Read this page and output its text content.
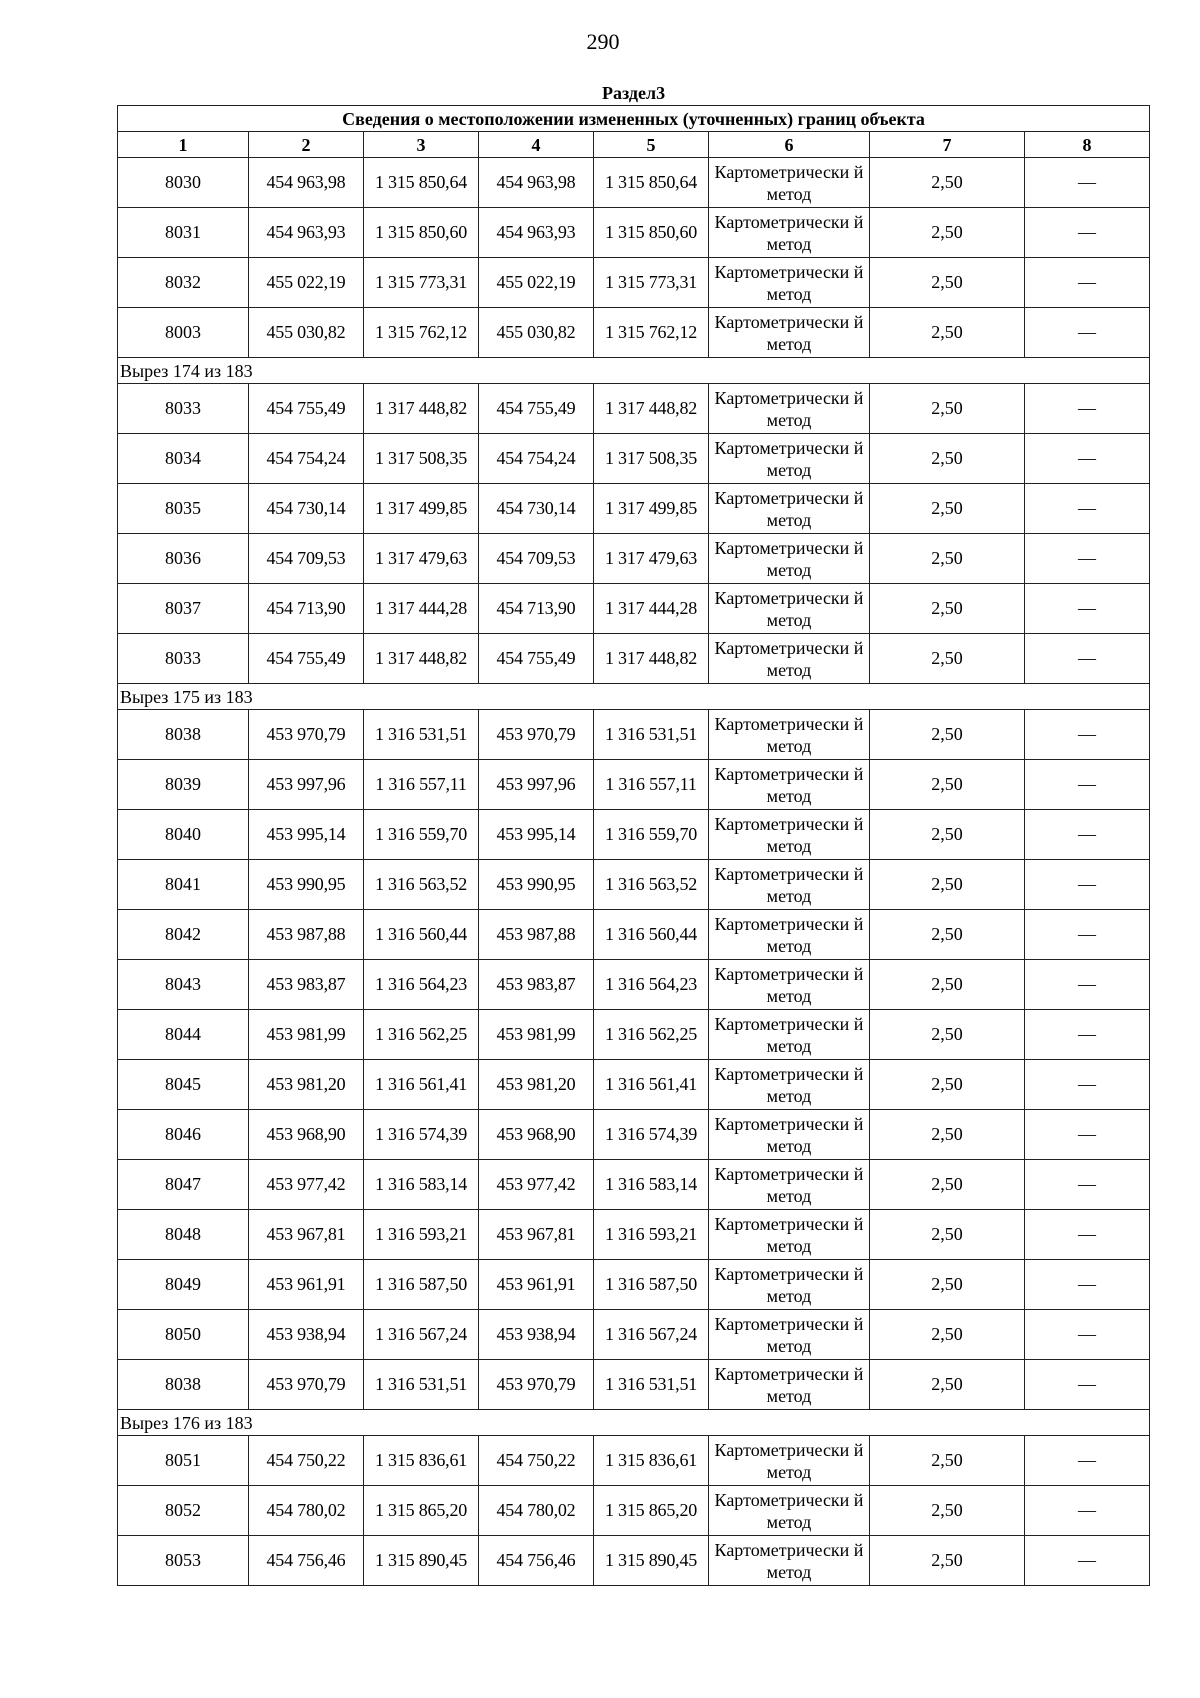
290
Раздел3							
Сведения о местоположении измененных (уточненных) границ объекта							
1	2	3	4	5	6	7	8
8030	454 963,98	1 315 850,64	454 963,98	1 315 850,64	Картометрически й метод	2,50	—
8031	454 963,93	1 315 850,60	454 963,93	1 315 850,60	Картометрически й метод	2,50	—
8032	455 022,19	1 315 773,31	455 022,19	1 315 773,31	Картометрически й метод	2,50	—
8003	455 030,82	1 315 762,12	455 030,82	1 315 762,12	Картометрически й метод	2,50	—
Вырез 174 из 183							
8033	454 755,49	1 317 448,82	454 755,49	1 317 448,82	Картометрически й метод	2,50	—
8034	454 754,24	1 317 508,35	454 754,24	1 317 508,35	Картометрически й метод	2,50	—
8035	454 730,14	1 317 499,85	454 730,14	1 317 499,85	Картометрически й метод	2,50	—
8036	454 709,53	1 317 479,63	454 709,53	1 317 479,63	Картометрически й метод	2,50	—
8037	454 713,90	1 317 444,28	454 713,90	1 317 444,28	Картометрически й метод	2,50	—
8033	454 755,49	1 317 448,82	454 755,49	1 317 448,82	Картометрически й метод	2,50	—
Вырез 175 из 183							
8038	453 970,79	1 316 531,51	453 970,79	1 316 531,51	Картометрически й метод	2,50	—
8039	453 997,96	1 316 557,11	453 997,96	1 316 557,11	Картометрически й метод	2,50	—
8040	453 995,14	1 316 559,70	453 995,14	1 316 559,70	Картометрически й метод	2,50	—
8041	453 990,95	1 316 563,52	453 990,95	1 316 563,52	Картометрически й метод	2,50	—
8042	453 987,88	1 316 560,44	453 987,88	1 316 560,44	Картометрически й метод	2,50	—
8043	453 983,87	1 316 564,23	453 983,87	1 316 564,23	Картометрически й метод	2,50	—
8044	453 981,99	1 316 562,25	453 981,99	1 316 562,25	Картометрически й метод	2,50	—
8045	453 981,20	1 316 561,41	453 981,20	1 316 561,41	Картометрически й метод	2,50	—
8046	453 968,90	1 316 574,39	453 968,90	1 316 574,39	Картометрически й метод	2,50	—
8047	453 977,42	1 316 583,14	453 977,42	1 316 583,14	Картометрически й метод	2,50	—
8048	453 967,81	1 316 593,21	453 967,81	1 316 593,21	Картометрически й метод	2,50	—
8049	453 961,91	1 316 587,50	453 961,91	1 316 587,50	Картометрически й метод	2,50	—
8050	453 938,94	1 316 567,24	453 938,94	1 316 567,24	Картометрически й метод	2,50	—
8038	453 970,79	1 316 531,51	453 970,79	1 316 531,51	Картометрически й метод	2,50	—
Вырез 176 из 183							
8051	454 750,22	1 315 836,61	454 750,22	1 315 836,61	Картометрически й метод	2,50	—
8052	454 780,02	1 315 865,20	454 780,02	1 315 865,20	Картометрически й метод	2,50	—
8053	454 756,46	1 315 890,45	454 756,46	1 315 890,45	Картометрически й метод	2,50	—
